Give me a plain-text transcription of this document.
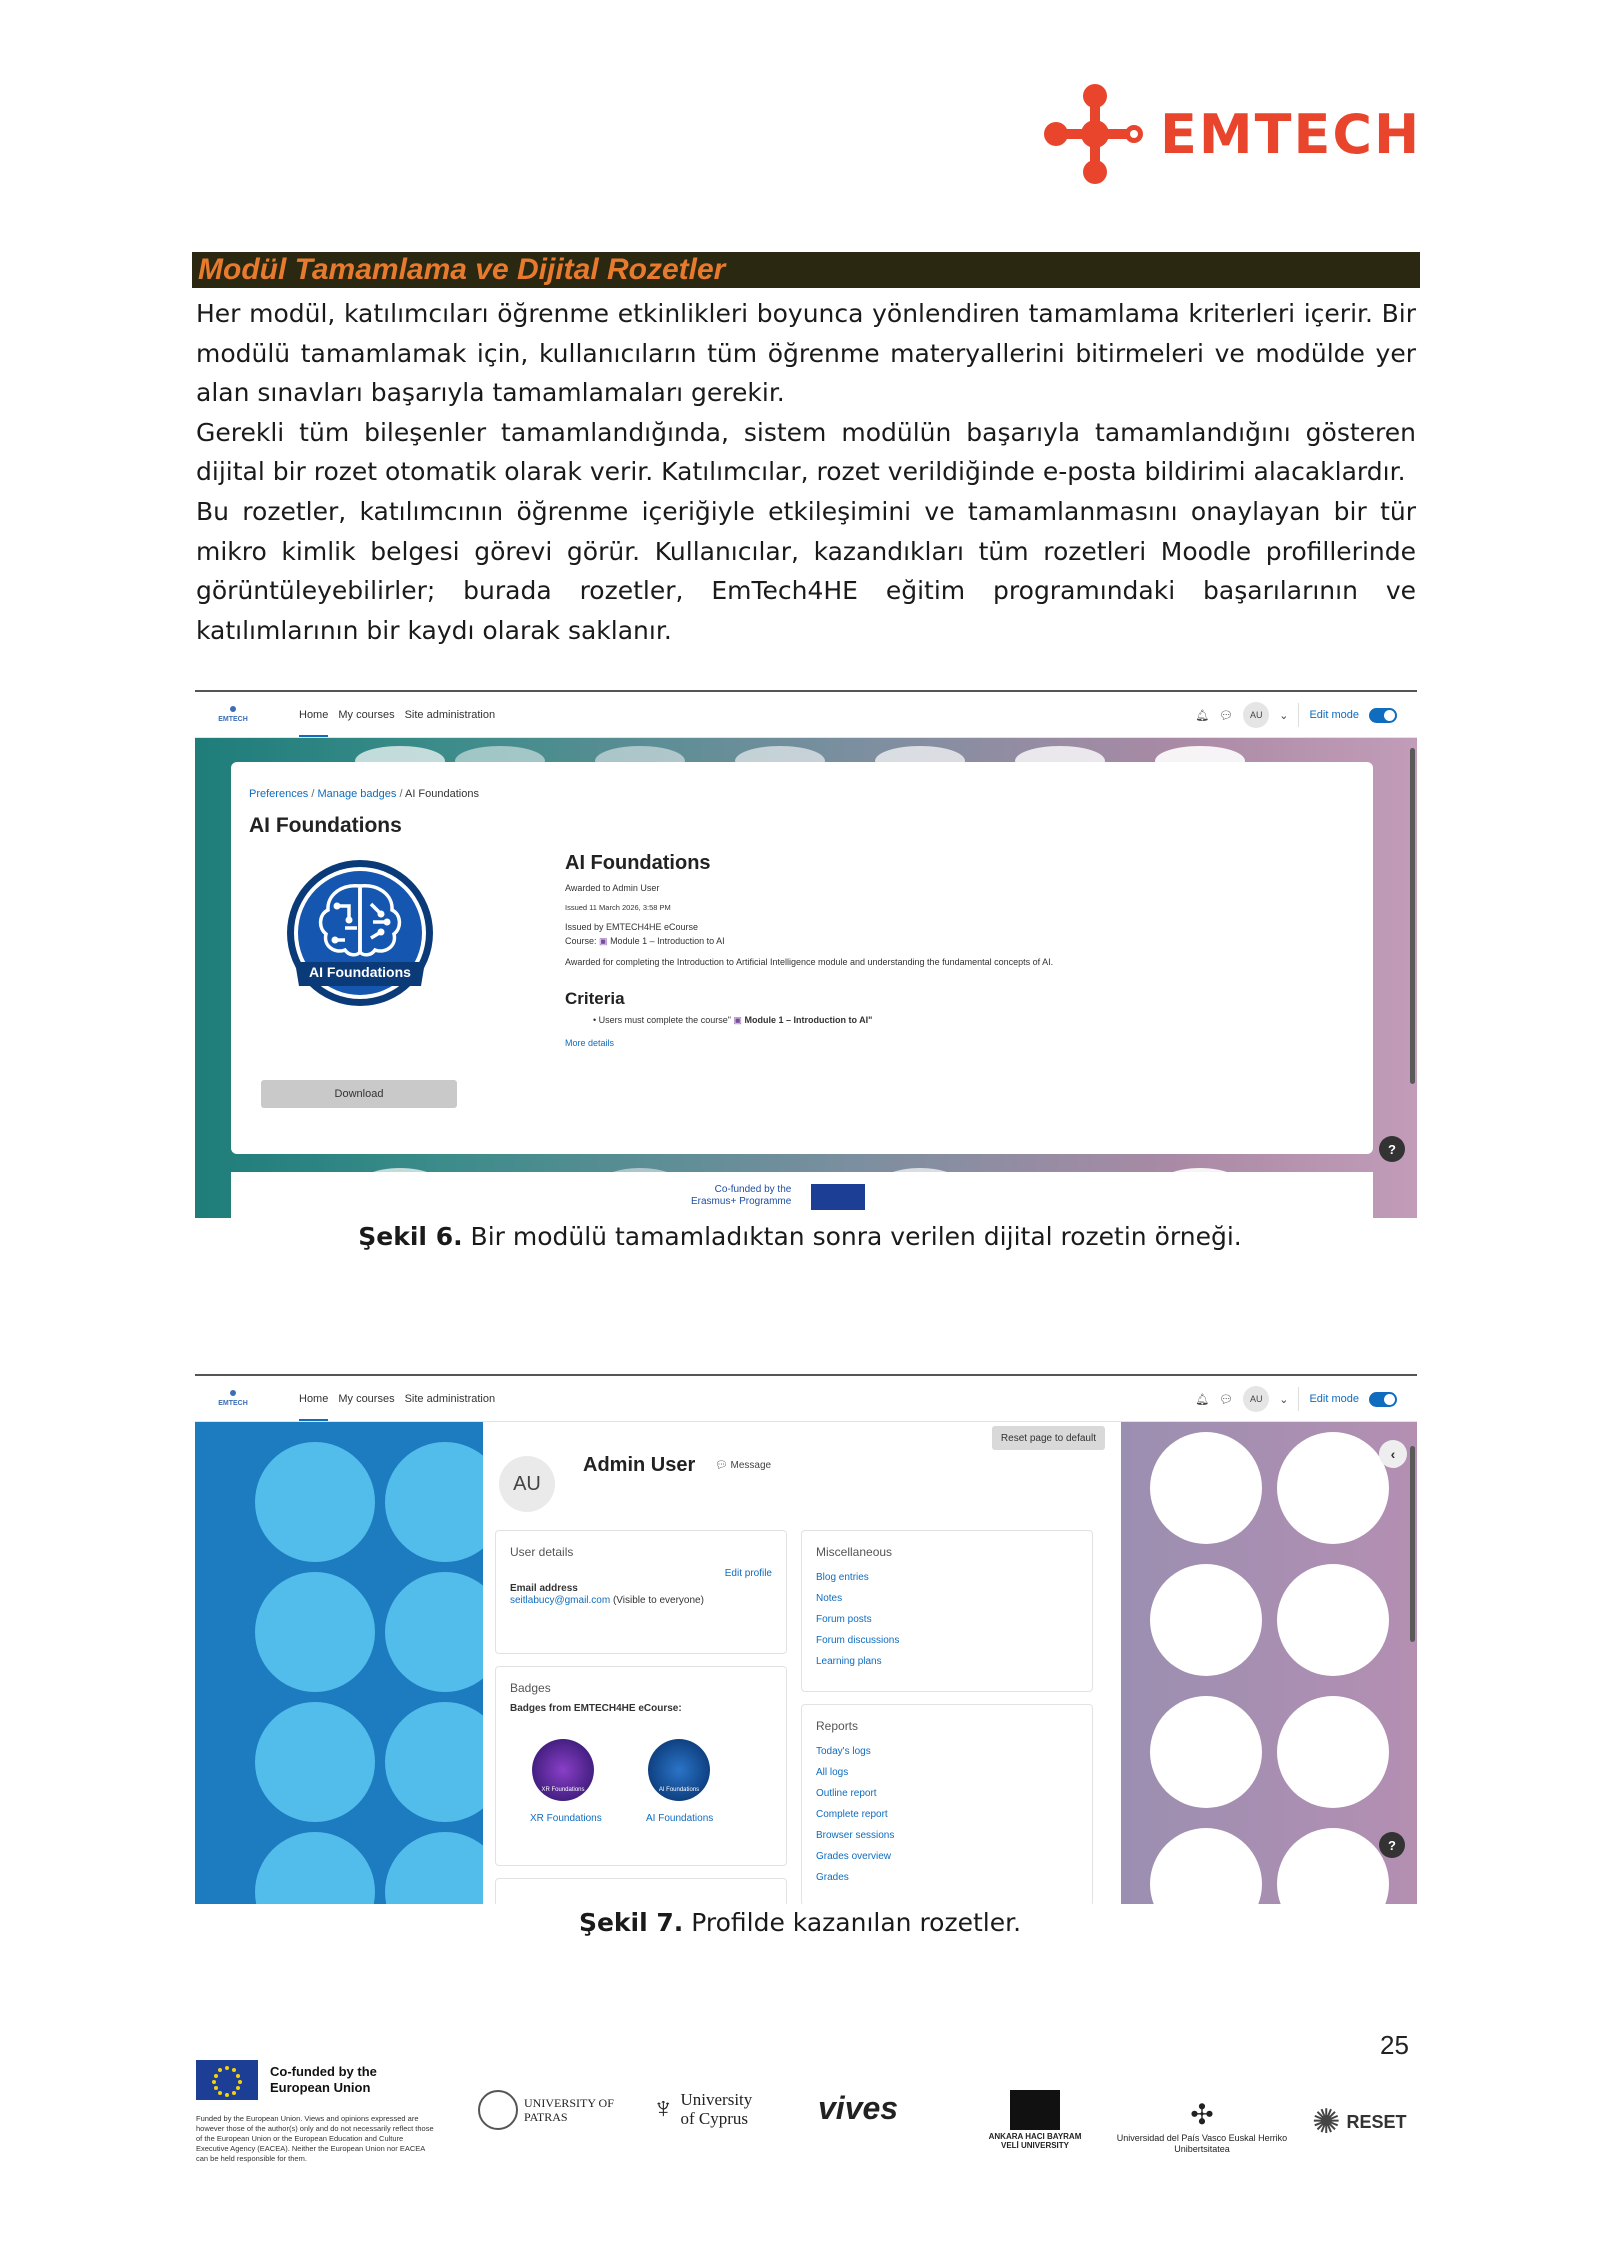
EMTECH
Modül Tamamlama ve Dijital Rozetler

Her modül, katılımcıları öğrenme etkinlikleri boyunca yönlendiren tamamlama kriterleri içerir. Bir modülü tamamlamak için, kullanıcıların tüm öğrenme materyallerini bitirmeleri ve modülde yer alan sınavları başarıyla tamamlamaları gerekir.

Gerekli tüm bileşenler tamamlandığında, sistem modülün başarıyla tamamlandığını gösteren dijital bir rozet otomatik olarak verir. Katılımcılar, rozet verildiğinde e-posta bildirimi alacaklardır.

Bu rozetler, katılımcının öğrenme içeriğiyle etkileşimini ve tamamlanmasını onaylayan bir tür mikro kimlik belgesi görevi görür. Kullanıcılar, kazandıkları tüm rozetleri Moodle profillerinde görüntüleyebilirler; burada rozetler, EmTech4HE eğitim programındaki başarılarının ve katılımlarının bir kaydı olarak saklanır.

EMTECH	Home My courses Site administration	🔔︎ 💬︎	AU	⌄ Edit mode
Preferences / Manage badges / AI Foundations
AI Foundations
AI Foundations
Download
AI Foundations
Awarded to Admin User
Issued 11 March 2026, 3:58 PM
Issued by EMTECH4HE eCourse
Course: ▣ Module 1 – Introduction to AI
Awarded for completing the Introduction to Artificial Intelligence module and understanding the fundamental concepts of AI.
Criteria
• Users must complete the course" ▣ Module 1 – Introduction to AI"
More details
Co-funded by the
Erasmus+ Programme
?
Şekil 6. Bir modülü tamamladıktan sonra verilen dijital rozetin örneği.
EMTECH	Home My courses Site administration	🔔︎ 💬︎	AU	⌄ Edit mode
Reset page to default
AU
Admin User 💬︎ Message
User details
Edit profile
Email address
seitlabucy@gmail.com (Visible to everyone)
Badges
Badges from EMTECH4HE eCourse:
XR Foundations	AI Foundations
XR Foundations	AI Foundations
Miscellaneous
Blog entries
Notes
Forum posts
Forum discussions
Learning plans
Reports
Today's logs
All logs
Outline report
Complete report
Browser sessions
Grades overview
Grades
‹
?
Şekil 7. Profilde kazanılan rozetler.
25
Co-funded by the European Union
Funded by the European Union. Views and opinions expressed are however those of the author(s) only and do not necessarily reflect those of the European Union or the European Education and Culture Executive Agency (EACEA). Neither the European Union nor EACEA can be held responsible for them.
UNIVERSITY OF PATRAS	♆ University of Cyprus	vives
ANKARA HACI BAYRAM VELİ UNIVERSITY
✣
Universidad del País Vasco Euskal Herriko Unibertsitatea
✺ RESET
